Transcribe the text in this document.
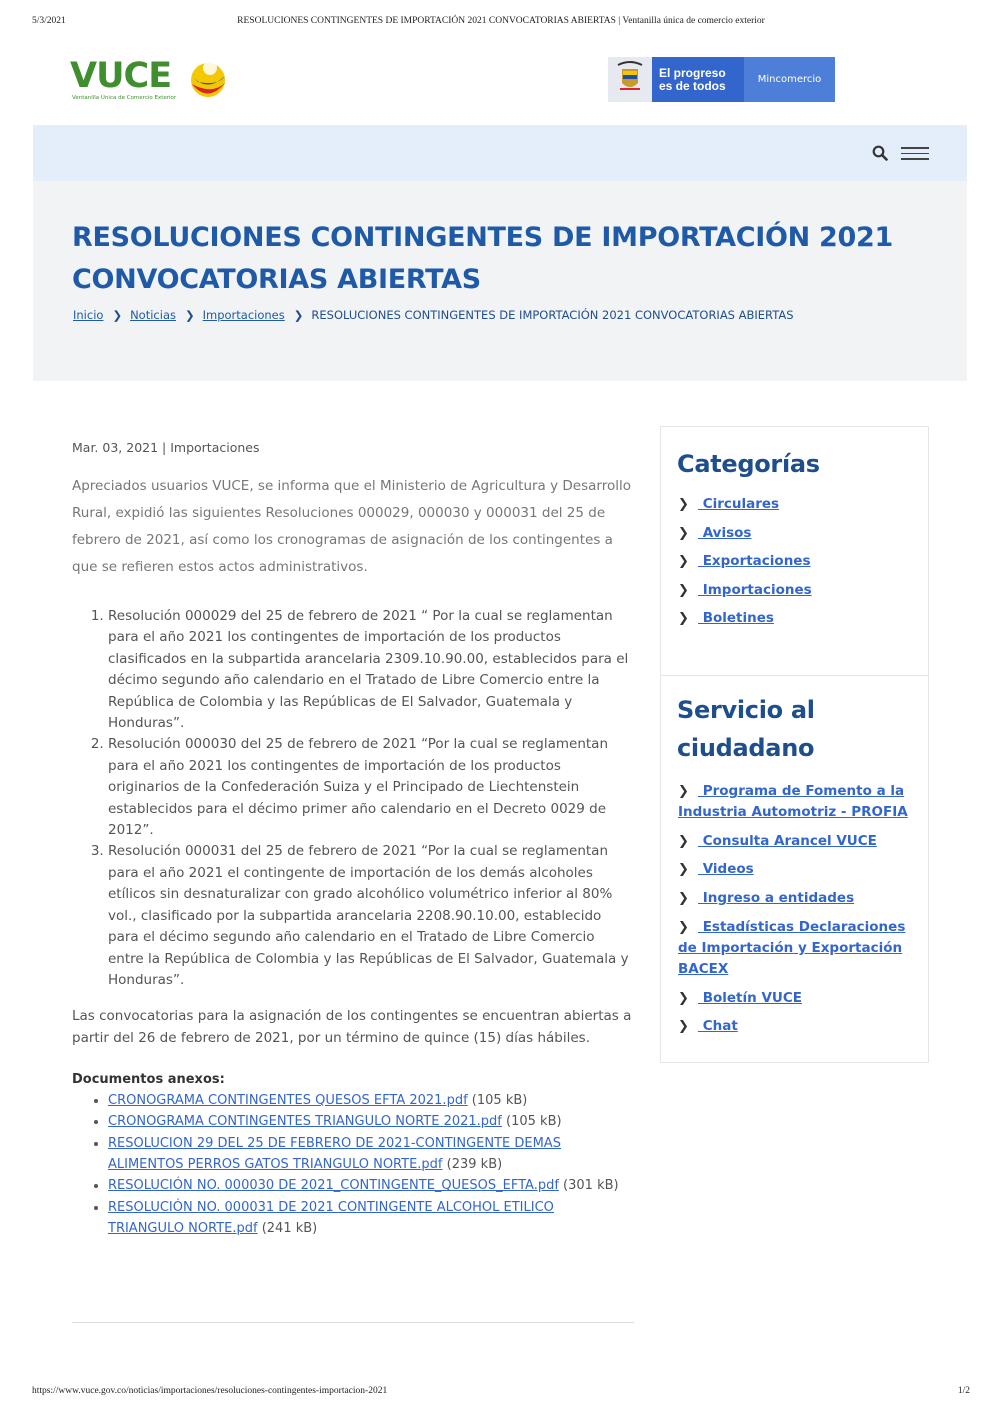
5/3/2021	RESOLUCIONES CONTINGENTES DE IMPORTACIÓN 2021 CONVOCATORIAS ABIERTAS | Ventanilla única de comercio exterior
VUCE
Ventanilla Única de Comercio Exterior
El progreso
es de todos	Mincomercio
RESOLUCIONES CONTINGENTES DE IMPORTACIÓN 2021 CONVOCATORIAS ABIERTAS
Inicio ❯ Noticias ❯ Importaciones ❯ RESOLUCIONES CONTINGENTES DE IMPORTACIÓN 2021 CONVOCATORIAS ABIERTAS
Mar. 03, 2021 | Importaciones

Apreciados usuarios VUCE, se informa que el Ministerio de Agricultura y Desarrollo Rural, expidió las siguientes Resoluciones 000029, 000030 y 000031 del 25 de febrero de 2021, así como los cronogramas de asignación de los contingentes a que se refieren estos actos administrativos.

1. Resolución 000029 del 25 de febrero de 2021 “ Por la cual se reglamentan para el año 2021 los contingentes de importación de los productos clasificados en la subpartida arancelaria 2309.10.90.00, establecidos para el décimo segundo año calendario en el Tratado de Libre Comercio entre la República de Colombia y las Repúblicas de El Salvador, Guatemala y Honduras”.
2. Resolución 000030 del 25 de febrero de 2021 “Por la cual se reglamentan para el año 2021 los contingentes de importación de los productos originarios de la Confederación Suiza y el Principado de Liechtenstein establecidos para el décimo primer año calendario en el Decreto 0029 de 2012”.
3. Resolución 000031 del 25 de febrero de 2021 “Por la cual se reglamentan para el año 2021 el contingente de importación de los demás alcoholes etílicos sin desnaturalizar con grado alcohólico volumétrico inferior al 80% vol., clasificado por la subpartida arancelaria 2208.90.10.00, establecido para el décimo segundo año calendario en el Tratado de Libre Comercio entre la República de Colombia y las Repúblicas de El Salvador, Guatemala y Honduras”.

Las convocatorias para la asignación de los contingentes se encuentran abiertas a partir del 26 de febrero de 2021, por un término de quince (15) días hábiles.

Documentos anexos:
• CRONOGRAMA CONTINGENTES QUESOS EFTA 2021.pdf (105 kB)
• CRONOGRAMA CONTINGENTES TRIANGULO NORTE 2021.pdf (105 kB)
• RESOLUCION 29 DEL 25 DE FEBRERO DE 2021-CONTINGENTE DEMAS ALIMENTOS PERROS GATOS TRIANGULO NORTE.pdf (239 kB)
• RESOLUCIÓN NO. 000030 DE 2021_CONTINGENTE_QUESOS_EFTA.pdf (301 kB)
• RESOLUCIÓN NO. 000031 DE 2021 CONTINGENTE ALCOHOL ETILICO TRIANGULO NORTE.pdf (241 kB)
Categorías
❯ Circulares
❯ Avisos
❯ Exportaciones
❯ Importaciones
❯ Boletines
Servicio al ciudadano
❯ Programa de Fomento a la Industria Automotriz - PROFIA
❯ Consulta Arancel VUCE
❯ Videos
❯ Ingreso a entidades
❯ Estadísticas Declaraciones de Importación y Exportación BACEX
❯ Boletín VUCE
❯ Chat
https://www.vuce.gov.co/noticias/importaciones/resoluciones-contingentes-importacion-2021	1/2
